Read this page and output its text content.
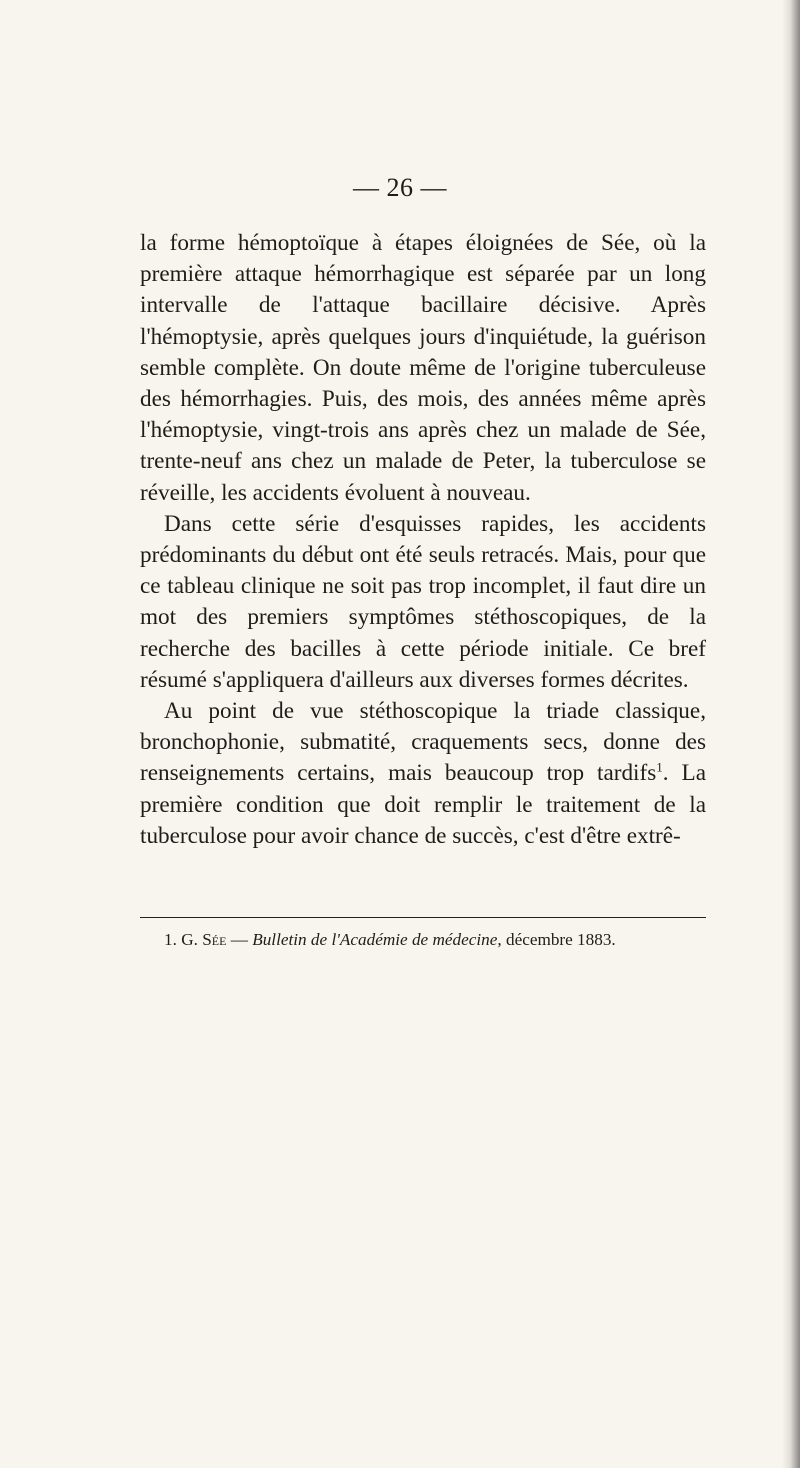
— 26 —

la forme hémoptoïque à étapes éloignées de Sée, où la première attaque hémorrhagique est séparée par un long intervalle de l'attaque bacillaire décisive. Après l'hémoptysie, après quelques jours d'inquiétude, la guérison semble complète. On doute même de l'origine tuberculeuse des hémorrhagies. Puis, des mois, des années même après l'hémoptysie, vingt-trois ans après chez un malade de Sée, trente-neuf ans chez un malade de Peter, la tuberculose se réveille, les accidents évoluent à nouveau.

Dans cette série d'esquisses rapides, les accidents prédominants du début ont été seuls retracés. Mais, pour que ce tableau clinique ne soit pas trop incomplet, il faut dire un mot des premiers symptômes stéthoscopiques, de la recherche des bacilles à cette période initiale. Ce bref résumé s'appliquera d'ailleurs aux diverses formes décrites.

Au point de vue stéthoscopique la triade classique, bronchophonie, submatité, craquements secs, donne des renseignements certains, mais beaucoup trop tardifs$^1$. La première condition que doit remplir le traitement de la tuberculose pour avoir chance de succès, c'est d'être extrê-

1. G. Sée — Bulletin de l'Académie de médecine, décembre 1883.
